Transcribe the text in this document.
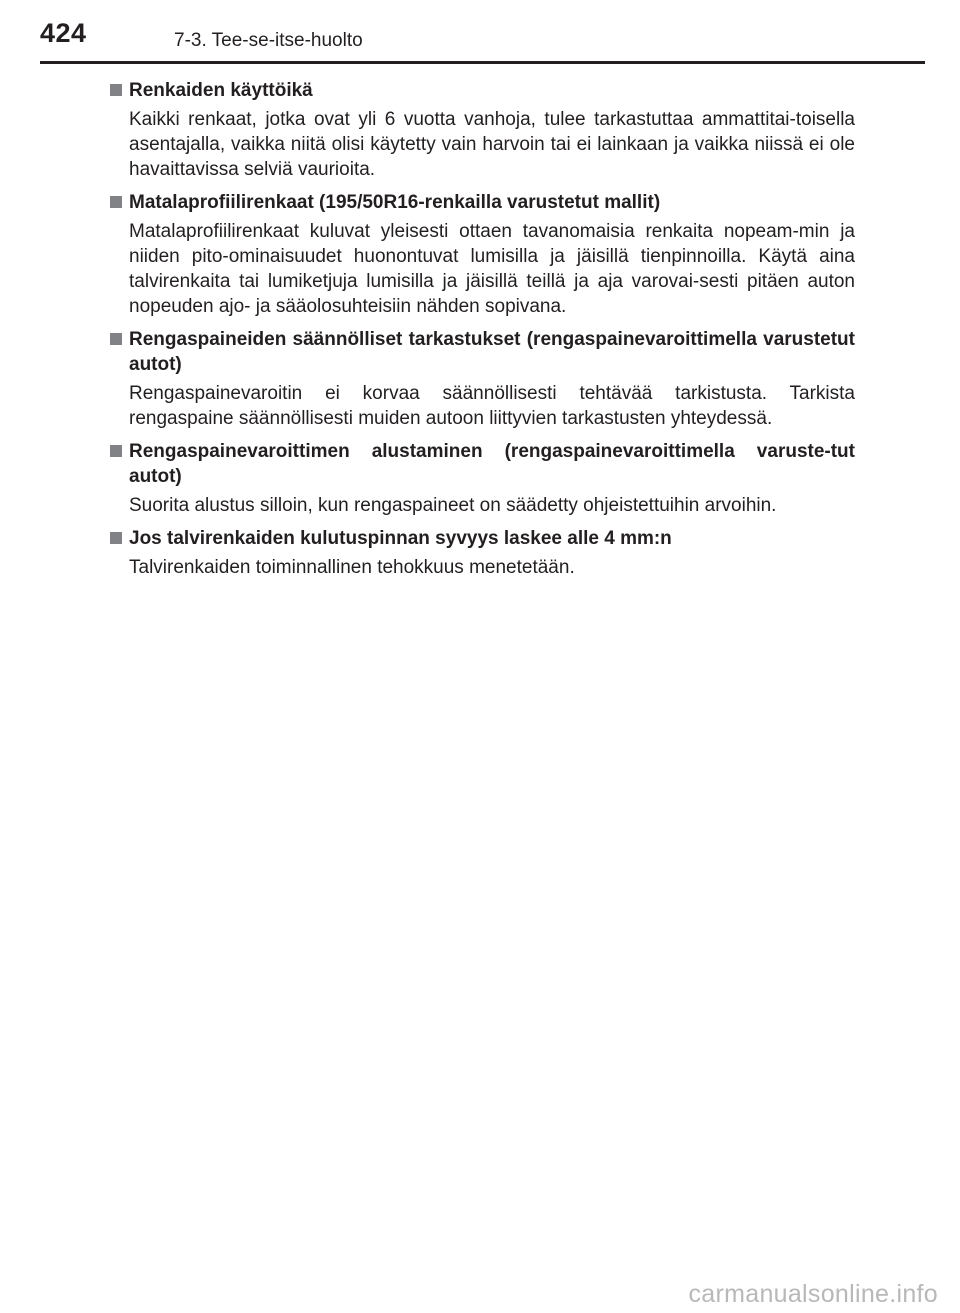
424	7-3. Tee-se-itse-huolto
Renkaiden käyttöikä
Kaikki renkaat, jotka ovat yli 6 vuotta vanhoja, tulee tarkastuttaa ammattitai-toisella asentajalla, vaikka niitä olisi käytetty vain harvoin tai ei lainkaan ja vaikka niissä ei ole havaittavissa selviä vaurioita.
Matalaprofiilirenkaat (195/50R16-renkailla varustetut mallit)
Matalaprofiilirenkaat kuluvat yleisesti ottaen tavanomaisia renkaita nopeam-min ja niiden pito-ominaisuudet huonontuvat lumisilla ja jäisillä tienpinnoilla. Käytä aina talvirenkaita tai lumiketjuja lumisilla ja jäisillä teillä ja aja varovai-sesti pitäen auton nopeuden ajo- ja sääolosuhteisiin nähden sopivana.
Rengaspaineiden säännölliset tarkastukset (rengaspainevaroittimella varustetut autot)
Rengaspainevaroitin ei korvaa säännöllisesti tehtävää tarkistusta. Tarkista rengaspaine säännöllisesti muiden autoon liittyvien tarkastusten yhteydessä.
Rengaspainevaroittimen alustaminen (rengaspainevaroittimella varuste-tut autot)
Suorita alustus silloin, kun rengaspaineet on säädetty ohjeistettuihin arvoihin.
Jos talvirenkaiden kulutuspinnan syvyys laskee alle 4 mm:n
Talvirenkaiden toiminnallinen tehokkuus menetetään.
carmanualsonline.info
